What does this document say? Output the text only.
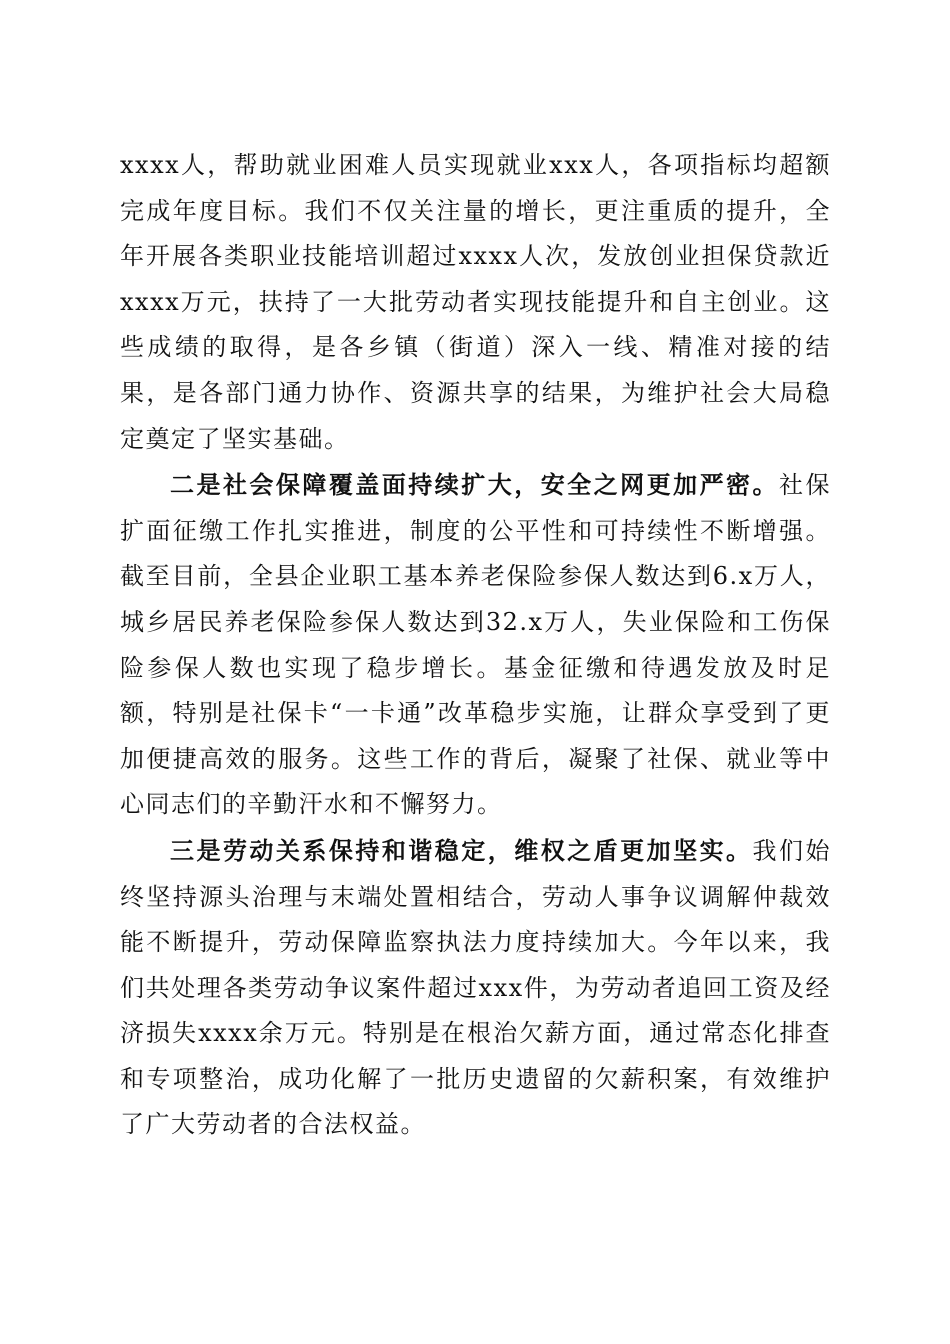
xxxx人，帮助就业困难人员实现就业xxx人，各项指标均超额完成年度目标。我们不仅关注量的增长，更注重质的提升，全年开展各类职业技能培训超过xxxx人次，发放创业担保贷款近xxxx万元，扶持了一大批劳动者实现技能提升和自主创业。这些成绩的取得，是各乡镇（街道）深入一线、精准对接的结果，是各部门通力协作、资源共享的结果，为维护社会大局稳定奠定了坚实基础。

二是社会保障覆盖面持续扩大，安全之网更加严密。社保扩面征缴工作扎实推进，制度的公平性和可持续性不断增强。截至目前，全县企业职工基本养老保险参保人数达到6.x万人，城乡居民养老保险参保人数达到32.x万人，失业保险和工伤保险参保人数也实现了稳步增长。基金征缴和待遇发放及时足额，特别是社保卡“一卡通”改革稳步实施，让群众享受到了更加便捷高效的服务。这些工作的背后，凝聚了社保、就业等中心同志们的辛勤汗水和不懈努力。

三是劳动关系保持和谐稳定，维权之盾更加坚实。我们始终坚持源头治理与末端处置相结合，劳动人事争议调解仲裁效能不断提升，劳动保障监察执法力度持续加大。今年以来，我们共处理各类劳动争议案件超过xxx件，为劳动者追回工资及经济损失xxxx余万元。特别是在根治欠薪方面，通过常态化排查和专项整治，成功化解了一批历史遗留的欠薪积案，有效维护了广大劳动者的合法权益。
